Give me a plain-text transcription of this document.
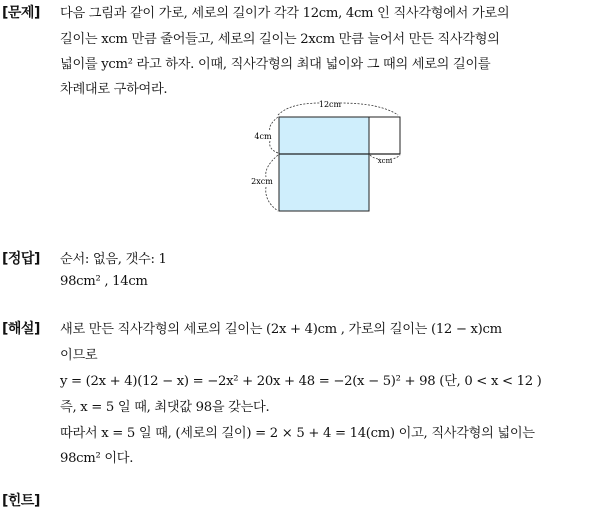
[문제] 다음 그림과 같이 가로, 세로의 길이가 각각 12cm, 4cm 인 직사각형에서 가로의
길이는 xcm 만큼 줄어들고, 세로의 길이는 2xcm 만큼 늘어서 만든 직사각형의
넓이를 ycm² 라고 하자. 이때, 직사각형의 최대 넓이와 그 때의 세로의 길이를
차례대로 구하여라.
12cm
4cm
2xcm
xcm
[정답] 순서: 없음, 갯수: 1
98cm² , 14cm
[해설] 새로 만든 직사각형의 세로의 길이는 (2x + 4)cm , 가로의 길이는 (12 − x)cm
이므로
y = (2x + 4)(12 − x) = −2x² + 20x + 48 = −2(x − 5)² + 98 (단, 0 < x < 12 )
즉, x = 5 일 때, 최댓값 98을 갖는다.
따라서 x = 5 일 때, (세로의 길이) = 2 × 5 + 4 = 14(cm) 이고, 직사각형의 넓이는
98cm² 이다.
[힌트]
